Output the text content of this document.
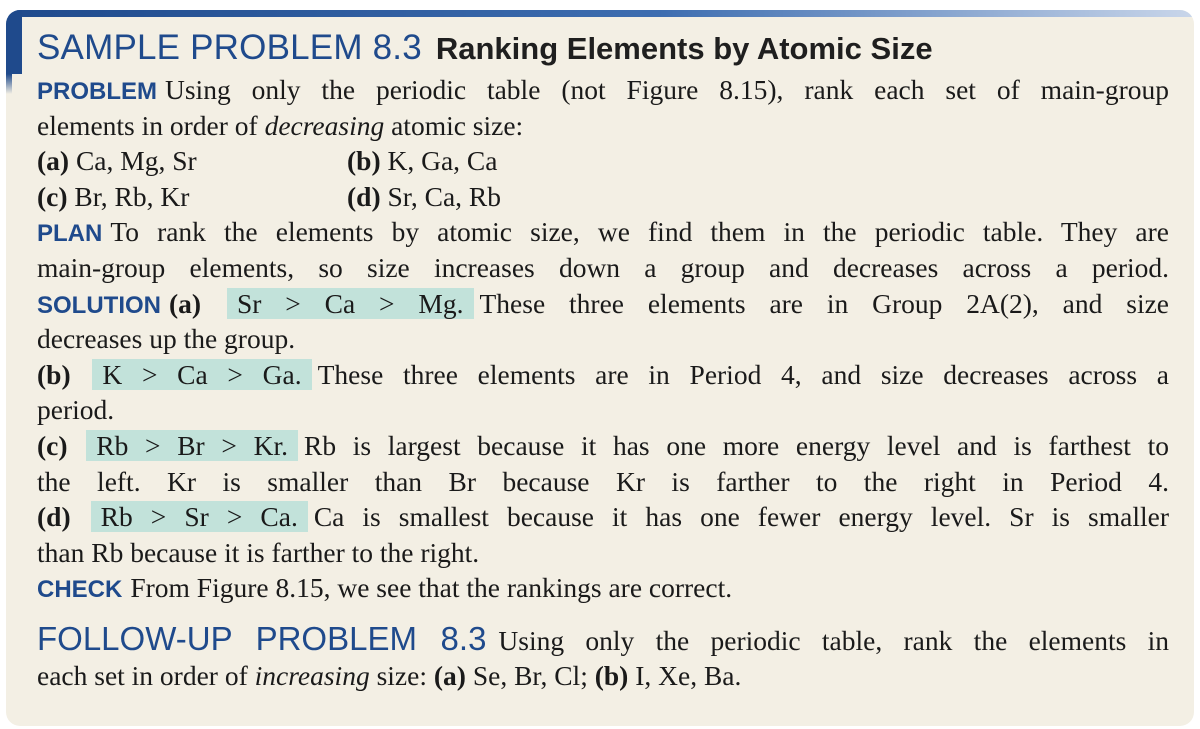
SAMPLE PROBLEM 8.3 Ranking Elements by Atomic Size
PROBLEM Using only the periodic table (not Figure 8.15), rank each set of main-group
elements in order of decreasing atomic size:
(a) Ca, Mg, Sr	(b) K, Ga, Ca
(c) Br, Rb, Kr	(d) Sr, Ca, Rb
PLAN To rank the elements by atomic size, we find them in the periodic table. They are
main-group elements, so size increases down a group and decreases across a period.
SOLUTION (a) Sr > Ca > Mg. These three elements are in Group 2A(2), and size
decreases up the group.
(b) K > Ca > Ga. These three elements are in Period 4, and size decreases across a
period.
(c) Rb > Br > Kr. Rb is largest because it has one more energy level and is farthest to
the left. Kr is smaller than Br because Kr is farther to the right in Period 4.
(d) Rb > Sr > Ca. Ca is smallest because it has one fewer energy level. Sr is smaller
than Rb because it is farther to the right.
CHECK From Figure 8.15, we see that the rankings are correct.
FOLLOW-UP PROBLEM 8.3 Using only the periodic table, rank the elements in
each set in order of increasing size: (a) Se, Br, Cl; (b) I, Xe, Ba.
